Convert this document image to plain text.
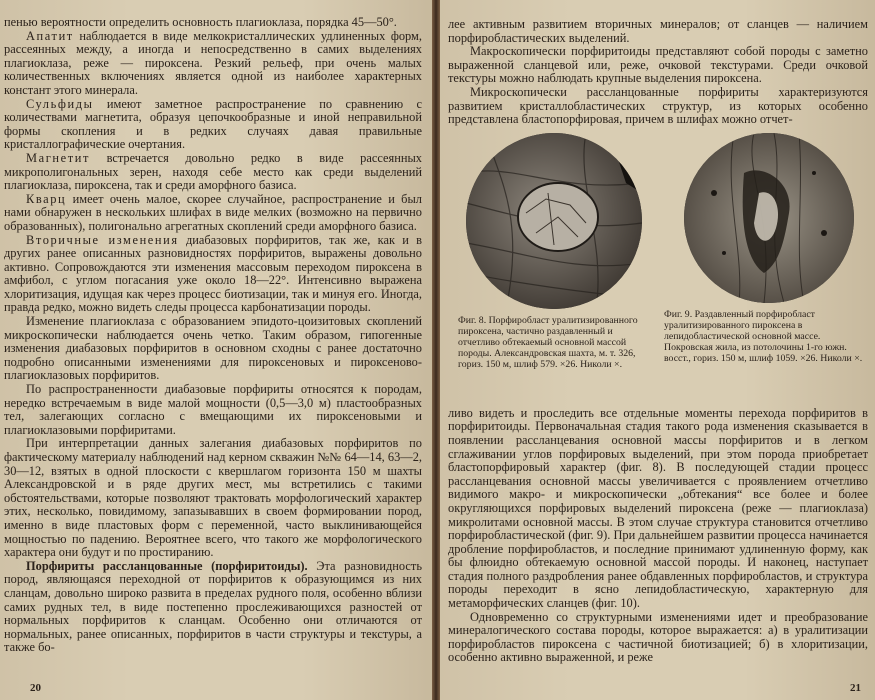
пенью вероятности определить основность плагиоклаза, порядка 45—50°.

Апатит наблюдается в виде мелкокристаллических удлиненных форм, рассеянных между, а иногда и непосредственно в самих выделениях плагиоклаза, реже — пироксена. Резкий рельеф, при очень малых количественных включениях является одной из наиболее характерных констант этого минерала.

Сульфиды имеют заметное распространение по сравнению с количествами магнетита, образуя цепочкообразные и иной неправильной формы скопления и в редких случаях давая правильные кристаллографические очертания.

Магнетит встречается довольно редко в виде рассеянных микрополигональных зерен, находя себе место как среди выделений плагиоклаза, пироксена, так и среди аморфного базиса.

Кварц имеет очень малое, скорее случайное, распространение и был нами обнаружен в нескольких шлифах в виде мелких (возможно на первично образованных), полигонально агрегатных скоплений среди аморфного базиса.

Вторичные изменения диабазовых порфиритов, так же, как и в других ранее описанных разновидностях порфиритов, выражены довольно активно. Сопровождаются эти изменения массовым переходом пироксена в амфибол, с углом погасания уже около 18—22°. Интенсивно выражена хлоритизация, идущая как через процесс биотизации, так и минуя его. Иногда, правда редко, можно видеть следы процесса карбонатизации породы.

Изменение плагиоклаза с образованием эпидото-цоизитовых скоплений микроскопически наблюдается очень четко. Таким образом, гипогенные изменения диабазовых порфиритов в основном сходны с ранее достаточно подробно описанными изменениями для пироксеновых и пироксеново-плагиоклазовых порфиритов.

По распространенности диабазовые порфириты относятся к породам, нередко встречаемым в виде малой мощности (0,5—3,0 м) пластообразных тел, залегающих согласно с вмещающими их пироксеновыми и плагиоклазовыми порфиритами.

При интерпретации данных залегания диабазовых порфиритов по фактическому материалу наблюдений над керном скважин №№ 64—14, 63—2, 30—12, взятых в одной плоскости с квершлагом горизонта 150 м шахты Александровской и в ряде других мест, мы встретились с такими обстоятельствами, которые позволяют трактовать морфологический характер этих, несколько, повидимому, запазывавших в своем формировании пород, именно в виде пластовых форм с переменной, часто выклинивающейся мощностью по падению. Вероятнее всего, что такого же морфологического характера они будут и по простиранию.

Порфириты рассланцованные (порфиритоиды). Эта разновидность пород, являющаяся переходной от порфиритов к образующимся из них сланцам, довольно широко развита в пределах рудного поля, особенно вблизи самих рудных тел, в виде постепенно прослеживающихся разностей от нормальных порфиритов к сланцам. Особенно они отличаются от нормальных, ранее описанных, порфиритов в части структуры и текстуры, а также бо-

20

лее активным развитием вторичных минералов; от сланцев — наличием порфиробластических выделений.

Макроскопически порфиритоиды представляют собой породы с заметно выраженной сланцевой или, реже, очковой текстурами. Среди очковой текстуры можно наблюдать крупные выделения пироксена.

Микроскопически рассланцованные порфириты характеризуются развитием кристаллобластических структур, из которых особенно представлена бластопорфировая, причем в шлифах можно отчет-

Фиг. 8. Порфиробласт уралитизированного пироксена, частично раздавленный и отчетливо обтекаемый основной массой породы. Александровская шахта, м. т. 326, гориз. 150 м, шлиф 579. ×26. Николи ×.

Фиг. 9. Раздавленный порфиробласт уралитизированного пироксена в лепидобластической основной массе. Покровская жила, из потолочины 1-го южн. восст., гориз. 150 м, шлиф 1059. ×26. Николи ×.

ливо видеть и проследить все отдельные моменты перехода порфиритов в порфиритоиды. Первоначальная стадия такого рода изменения сказывается в появлении рассланцевания основной массы порфиритов и в легком сглаживании углов порфировых выделений, при этом порода приобретает бластопорфировый характер (фиг. 8). В последующей стадии процесс рассланцевания основной массы увеличивается с проявлением отчетливо видимого макро- и микроскопически „обтекания“ все более и более округляющихся порфировых выделений пироксена (реже — плагиоклаза) микролитами основной массы. В этом случае структура становится отчетливо порфиробластической (фиг. 9). При дальнейшем развитии процесса начинается дробление порфиробластов, и последние принимают удлиненную форму, как бы флюидно обтекаемую основной массой породы. И наконец, наступает стадия полного раздробления ранее обдавленных порфиробластов, и структура породы переходит в ясно лепидобластическую, характерную для метаморфических сланцев (фиг. 10).

Одновременно со структурными изменениями идет и преобразование минералогического состава породы, которое выражается: а) в уралитизации порфиробластов пироксена с частичной биотизацией; б) в хлоритизации, особенно активно выраженной, и реже

21
